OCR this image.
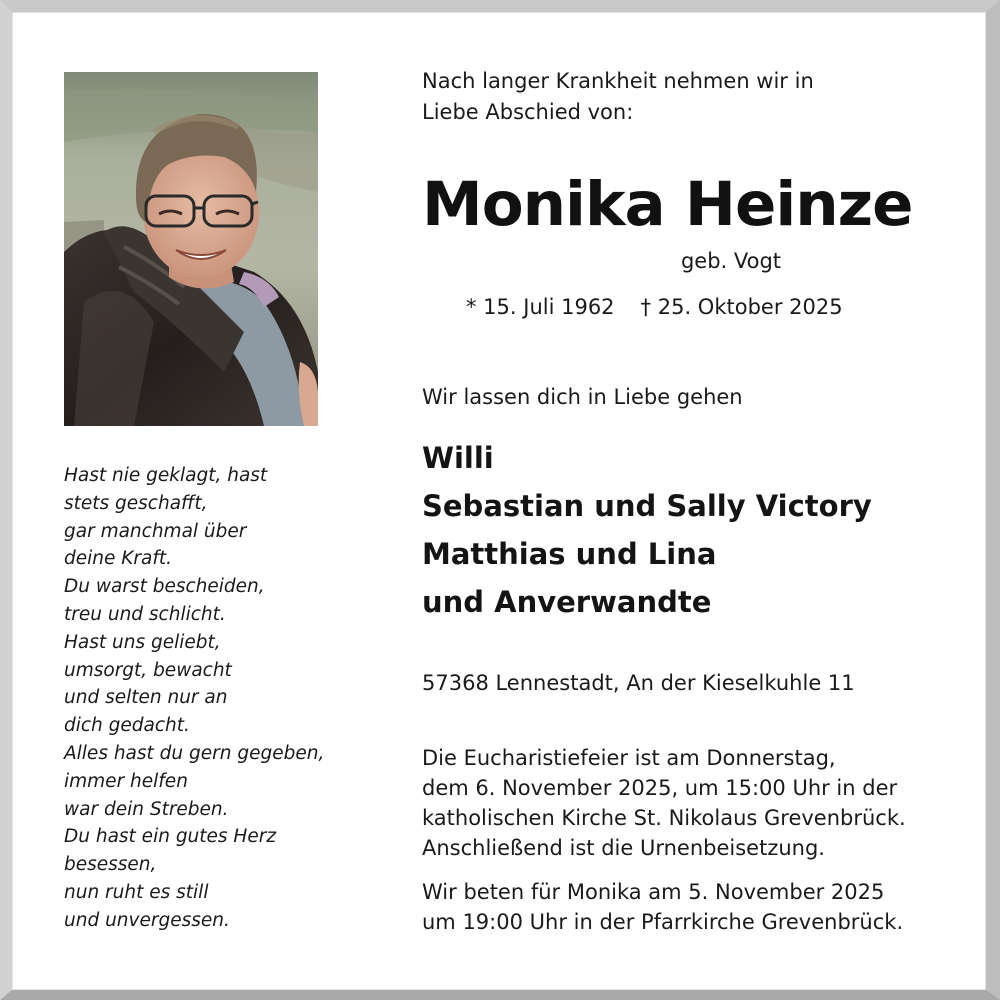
Hast nie geklagt, hast
stets geschafft,
gar manchmal über
deine Kraft.
Du warst bescheiden,
treu und schlicht.
Hast uns geliebt,
umsorgt, bewacht
und selten nur an
dich gedacht.
Alles hast du gern gegeben,
immer helfen
war dein Streben.
Du hast ein gutes Herz
besessen,
nun ruht es still
und unvergessen.
Nach langer Krankheit nehmen wir in
Liebe Abschied von:
Monika Heinze
geb. Vogt
* 15. Juli 1962 † 25. Oktober 2025
Wir lassen dich in Liebe gehen
Willi
Sebastian und Sally Victory
Matthias und Lina
und Anverwandte
57368 Lennestadt, An der Kieselkuhle 11
Die Eucharistiefeier ist am Donnerstag,
dem 6. November 2025, um 15:00 Uhr in der
katholischen Kirche St. Nikolaus Grevenbrück.
Anschließend ist die Urnenbeisetzung.
Wir beten für Monika am 5. November 2025
um 19:00 Uhr in der Pfarrkirche Grevenbrück.
